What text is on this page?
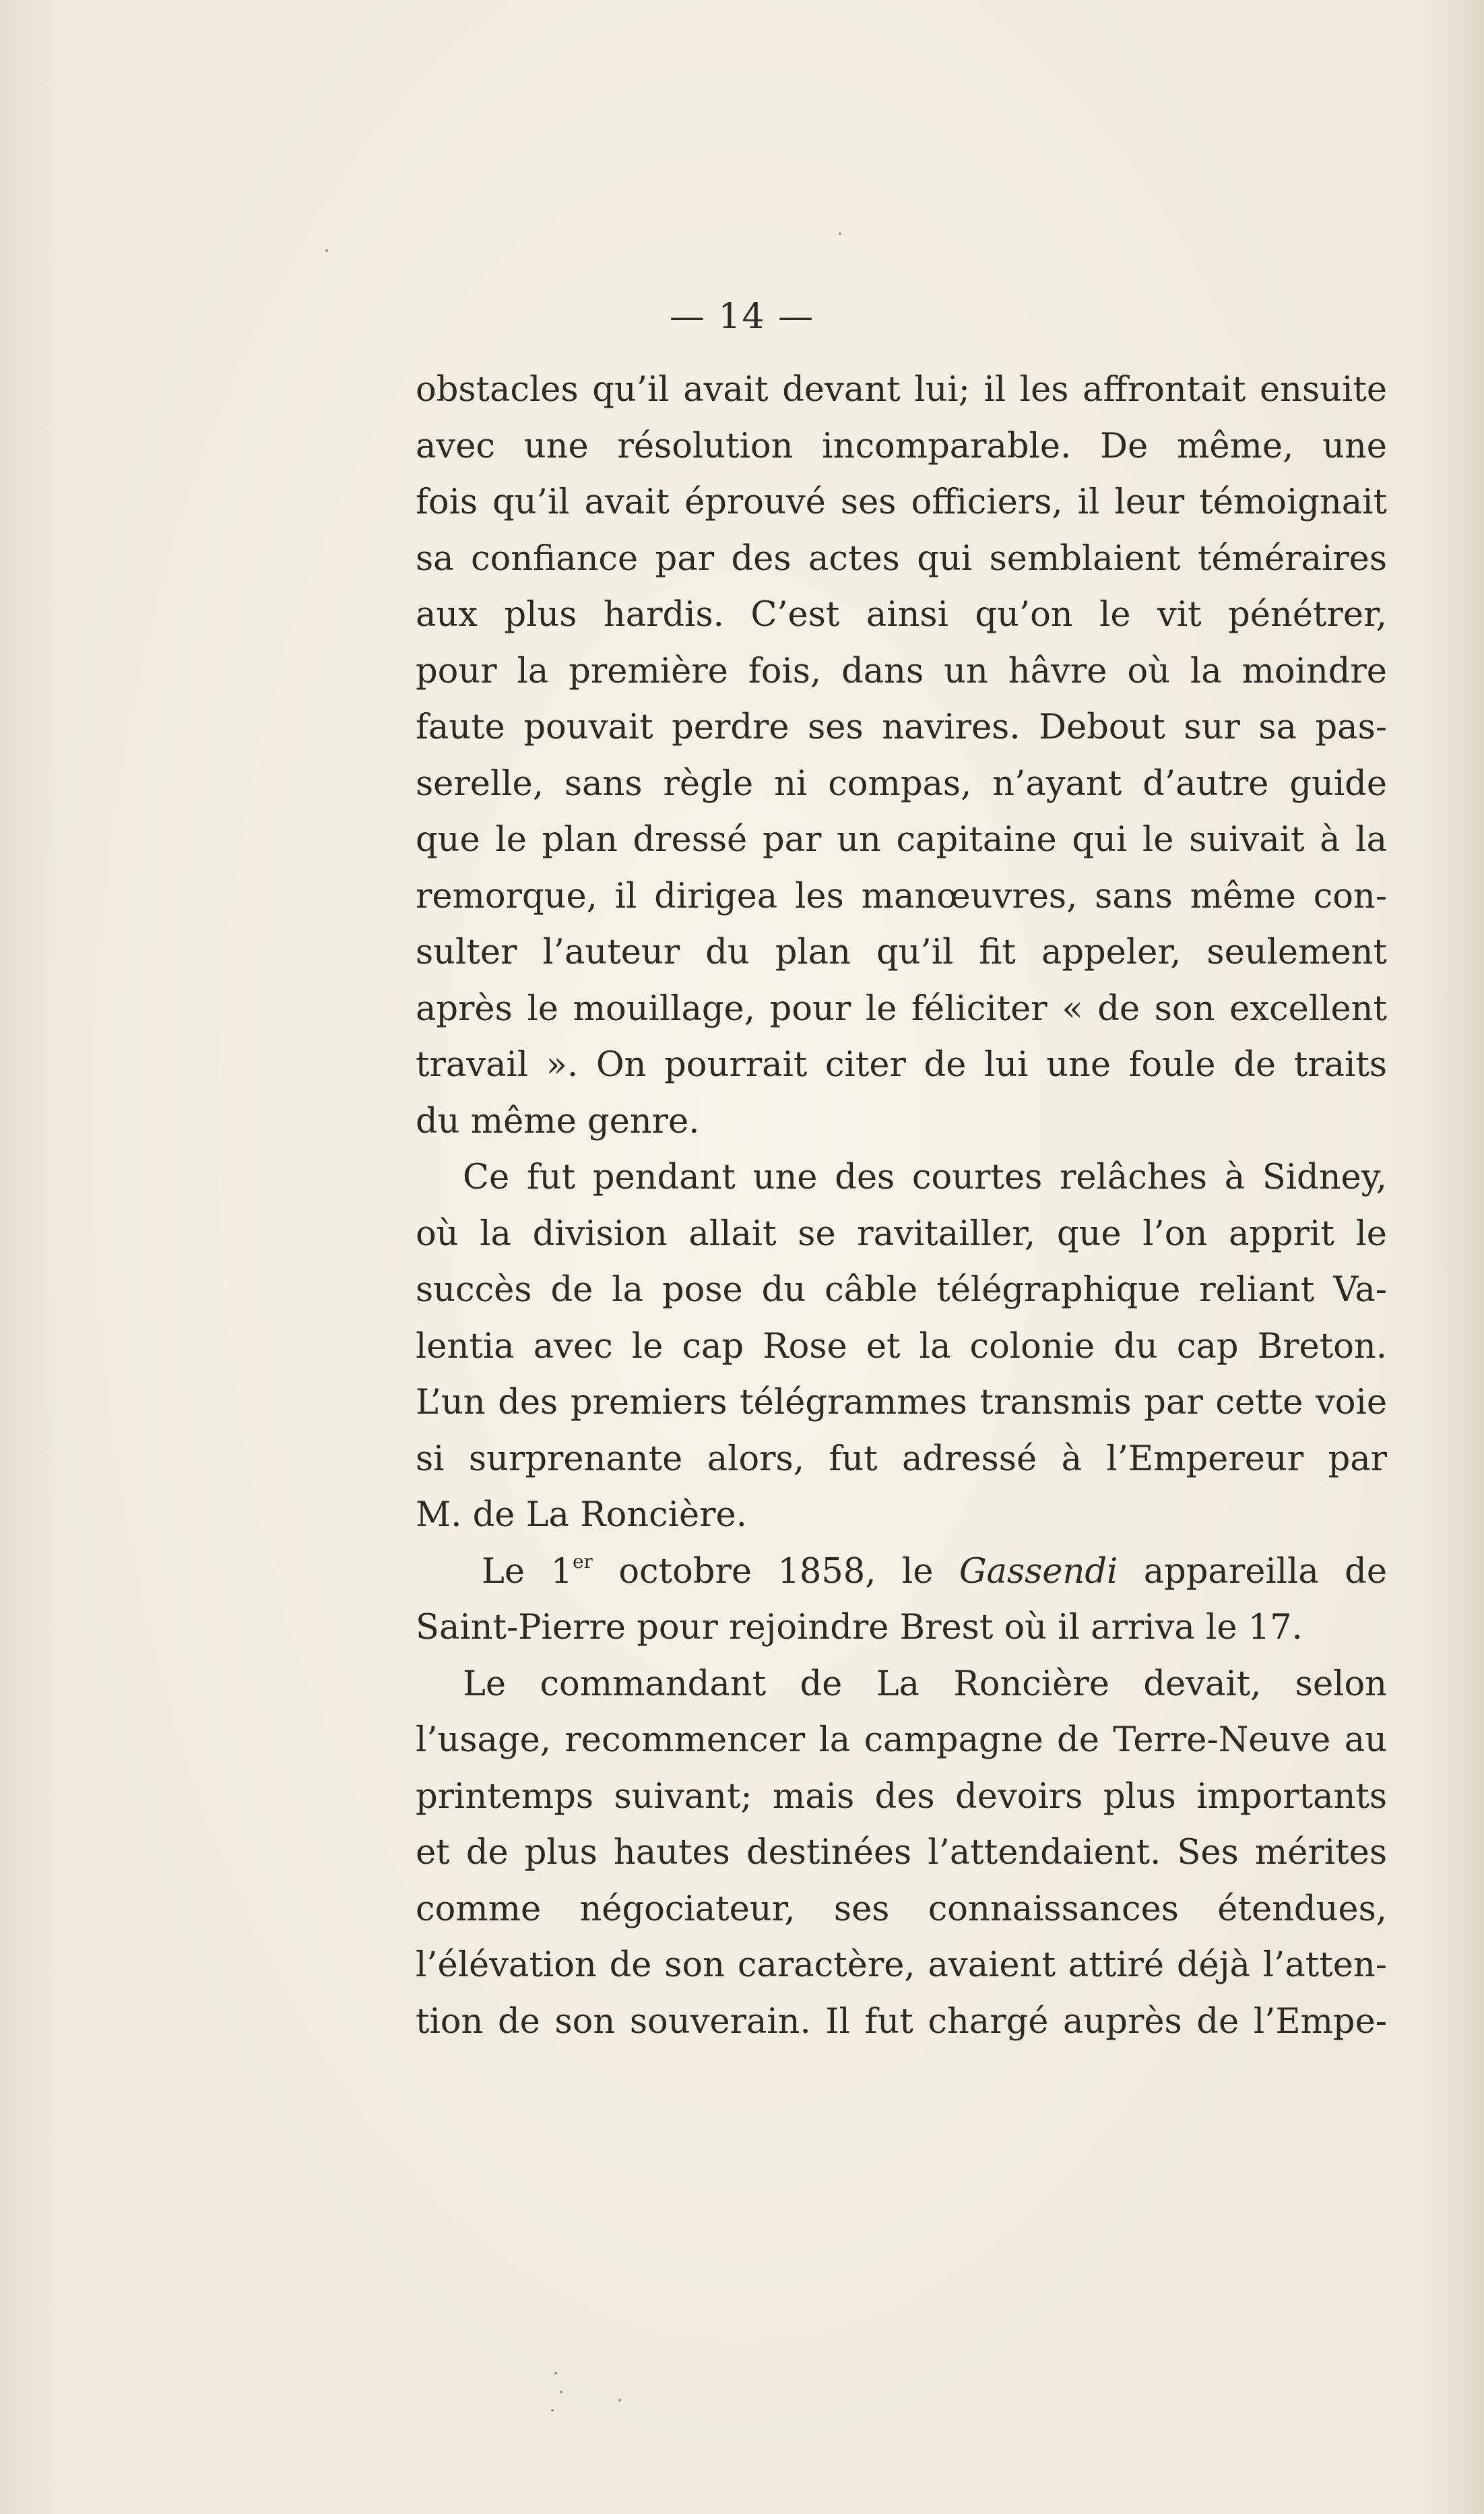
— 14 —
obstacles qu’il avait devant lui; il les affrontait ensuite
avec une résolution incomparable. De même, une
fois qu’il avait éprouvé ses officiers, il leur témoignait
sa confiance par des actes qui semblaient téméraires
aux plus hardis. C’est ainsi qu’on le vit pénétrer,
pour la première fois, dans un hâvre où la moindre
faute pouvait perdre ses navires. Debout sur sa pas-
serelle, sans règle ni compas, n’ayant d’autre guide
que le plan dressé par un capitaine qui le suivait à la
remorque, il dirigea les manœuvres, sans même con-
sulter l’auteur du plan qu’il fit appeler, seulement
après le mouillage, pour le féliciter « de son excellent
travail ». On pourrait citer de lui une foule de traits
du même genre.
Ce fut pendant une des courtes relâches à Sidney,
où la division allait se ravitailler, que l’on apprit le
succès de la pose du câble télégraphique reliant Va-
lentia avec le cap Rose et la colonie du cap Breton.
L’un des premiers télégrammes transmis par cette voie
si surprenante alors, fut adressé à l’Empereur par
M. de La Roncière.
Le 1er octobre 1858, le Gassendi appareilla de
Saint-Pierre pour rejoindre Brest où il arriva le 17.
Le commandant de La Roncière devait, selon
l’usage, recommencer la campagne de Terre-Neuve au
printemps suivant; mais des devoirs plus importants
et de plus hautes destinées l’attendaient. Ses mérites
comme négociateur, ses connaissances étendues,
l’élévation de son caractère, avaient attiré déjà l’atten-
tion de son souverain. Il fut chargé auprès de l’Empe-
